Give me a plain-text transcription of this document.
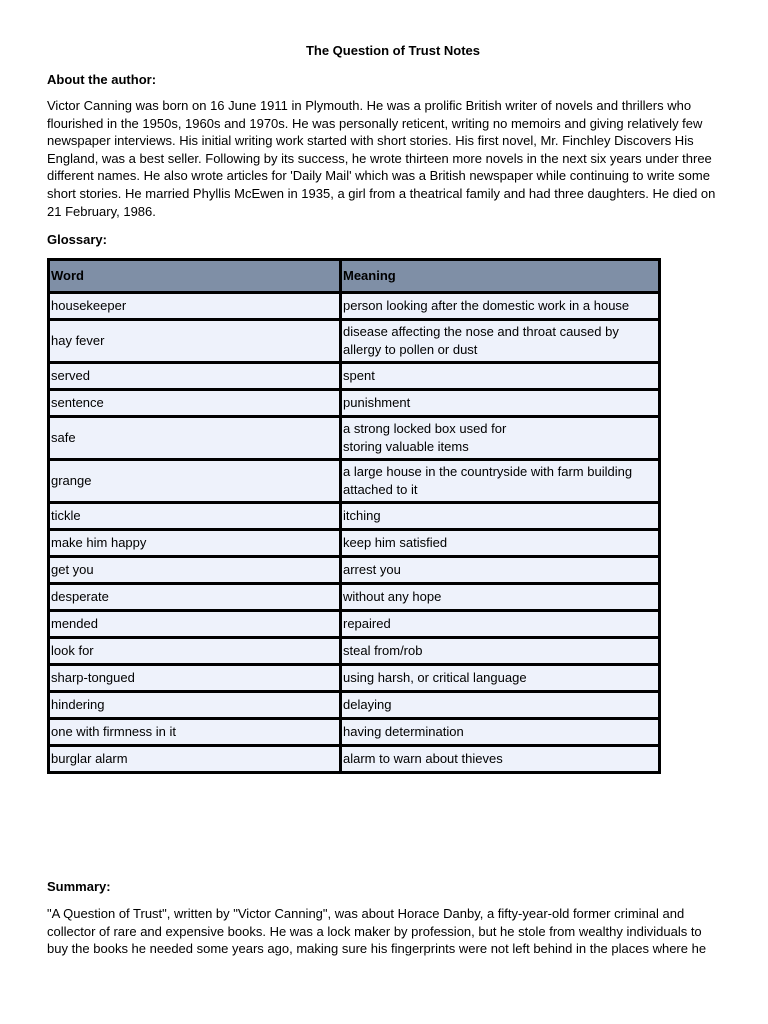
The Question of Trust Notes
About the author:
Victor Canning was born on 16 June 1911 in Plymouth. He was a prolific British writer of novels and thrillers who flourished in the 1950s, 1960s and 1970s. He was personally reticent, writing no memoirs and giving relatively few newspaper interviews. His initial writing work started with short stories. His first novel, Mr. Finchley Discovers His England, was a best seller. Following by its success, he wrote thirteen more novels in the next six years under three different names. He also wrote articles for 'Daily Mail' which was a British newspaper while continuing to write some short stories. He married Phyllis McEwen in 1935, a girl from a theatrical family and had three daughters. He died on 21 February, 1986.
Glossary:
Word	Meaning
housekeeper	person looking after the domestic work in a house
hay fever	disease affecting the nose and throat caused by allergy to pollen or dust
served	spent
sentence	punishment
safe	a strong locked box used for storing valuable items
grange	a large house in the countryside with farm building attached to it
tickle	itching
make him happy	keep him satisfied
get you	arrest you
desperate	without any hope
mended	repaired
look for	steal from/rob
sharp-tongued	using harsh, or critical language
hindering	delaying
one with firmness in it	having determination
burglar alarm	alarm to warn about thieves
Summary:
"A Question of Trust", written by "Victor Canning", was about Horace Danby, a fifty-year-old former criminal and collector of rare and expensive books. He was a lock maker by profession, but he stole from wealthy individuals to buy the books he needed some years ago, making sure his fingerprints were not left behind in the places where he
